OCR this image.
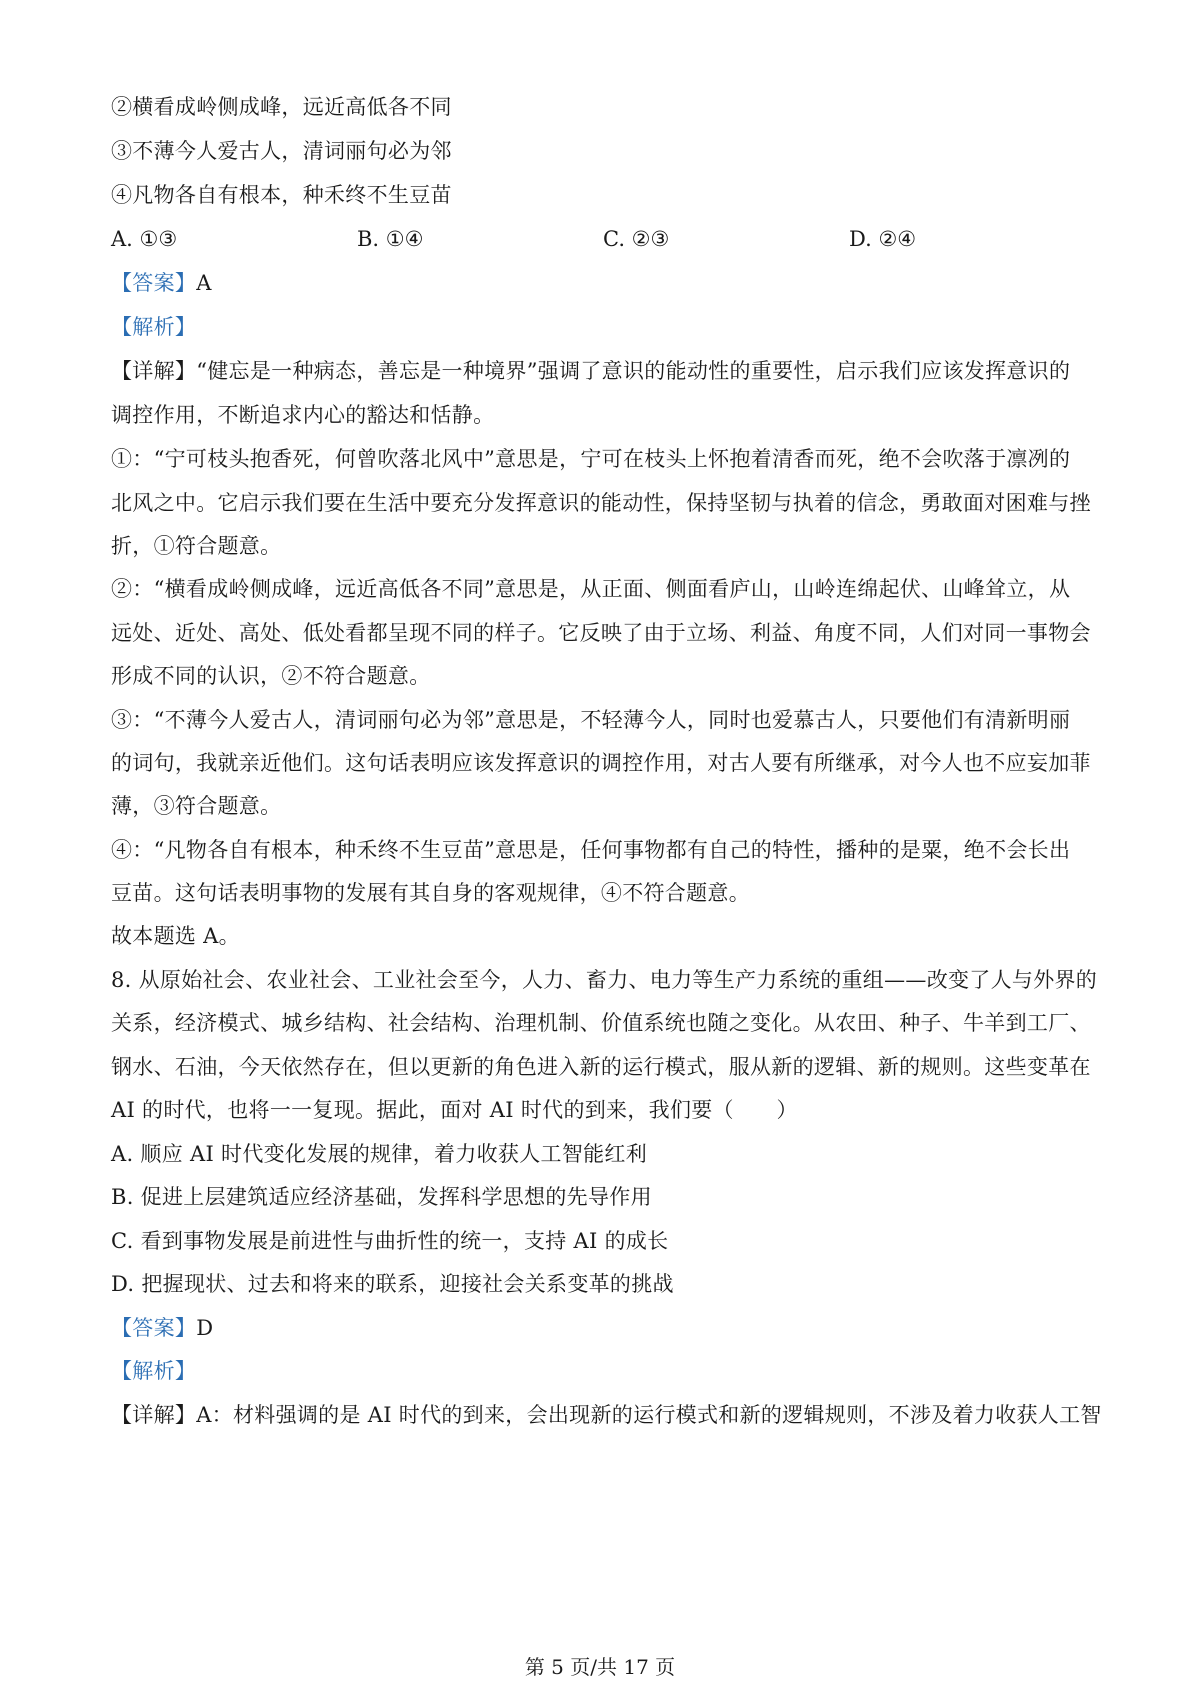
②横看成岭侧成峰，远近高低各不同
③不薄今人爱古人，清词丽句必为邻
④凡物各自有根本，种禾终不生豆苗
A. ①③	B. ①④	C. ②③	D. ②④
【答案】A
【解析】
【详解】“健忘是一种病态，善忘是一种境界”强调了意识的能动性的重要性，启示我们应该发挥意识的
调控作用，不断追求内心的豁达和恬静。
①：“宁可枝头抱香死，何曾吹落北风中”意思是，宁可在枝头上怀抱着清香而死，绝不会吹落于凛冽的
北风之中。它启示我们要在生活中要充分发挥意识的能动性，保持坚韧与执着的信念，勇敢面对困难与挫
折，①符合题意。
②：“横看成岭侧成峰，远近高低各不同”意思是，从正面、侧面看庐山，山岭连绵起伏、山峰耸立，从
远处、近处、高处、低处看都呈现不同的样子。它反映了由于立场、利益、角度不同，人们对同一事物会
形成不同的认识，②不符合题意。
③：“不薄今人爱古人，清词丽句必为邻”意思是，不轻薄今人，同时也爱慕古人，只要他们有清新明丽
的词句，我就亲近他们。这句话表明应该发挥意识的调控作用，对古人要有所继承，对今人也不应妄加菲
薄，③符合题意。
④：“凡物各自有根本，种禾终不生豆苗”意思是，任何事物都有自己的特性，播种的是粟，绝不会长出
豆苗。这句话表明事物的发展有其自身的客观规律，④不符合题意。
故本题选 A。
8. 从原始社会、农业社会、工业社会至今，人力、畜力、电力等生产力系统的重组——改变了人与外界的
关系，经济模式、城乡结构、社会结构、治理机制、价值系统也随之变化。从农田、种子、牛羊到工厂、
钢水、石油，今天依然存在，但以更新的角色进入新的运行模式，服从新的逻辑、新的规则。这些变革在
AI 的时代，也将一一复现。据此，面对 AI 时代的到来，我们要（　　）
A. 顺应 AI 时代变化发展的规律，着力收获人工智能红利
B. 促进上层建筑适应经济基础，发挥科学思想的先导作用
C. 看到事物发展是前进性与曲折性的统一，支持 AI 的成长
D. 把握现状、过去和将来的联系，迎接社会关系变革的挑战
【答案】D
【解析】
【详解】A：材料强调的是 AI 时代的到来，会出现新的运行模式和新的逻辑规则，不涉及着力收获人工智
第 5 页/共 17 页
